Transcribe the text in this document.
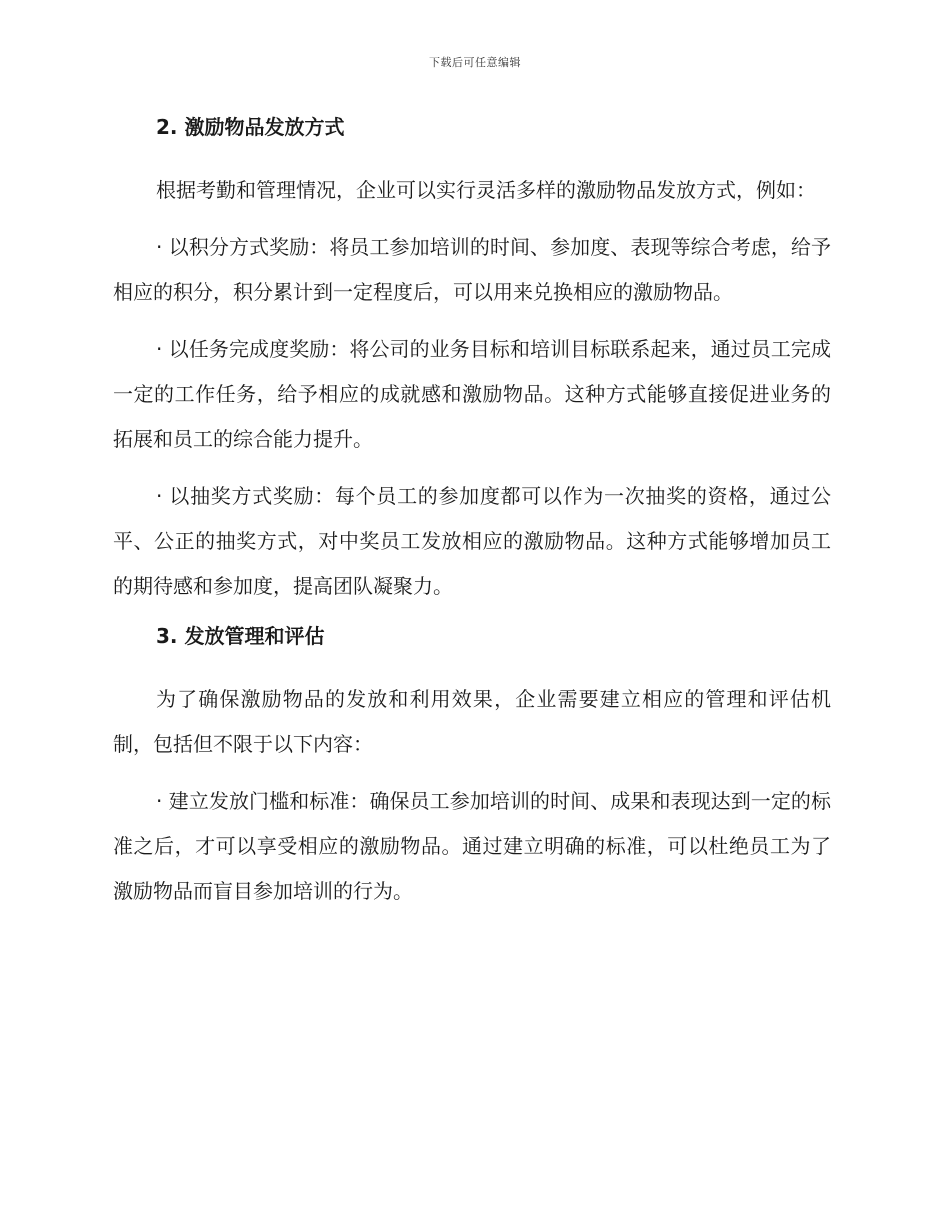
下载后可任意编辑
2. 激励物品发放方式

根据考勤和管理情况，企业可以实行灵活多样的激励物品发放方式，例如：

· 以积分方式奖励：将员工参加培训的时间、参加度、表现等综合考虑，给予相应的积分，积分累计到一定程度后，可以用来兑换相应的激励物品。

· 以任务完成度奖励：将公司的业务目标和培训目标联系起来，通过员工完成一定的工作任务，给予相应的成就感和激励物品。这种方式能够直接促进业务的拓展和员工的综合能力提升。

· 以抽奖方式奖励：每个员工的参加度都可以作为一次抽奖的资格，通过公平、公正的抽奖方式，对中奖员工发放相应的激励物品。这种方式能够增加员工的期待感和参加度，提高团队凝聚力。

3. 发放管理和评估

为了确保激励物品的发放和利用效果，企业需要建立相应的管理和评估机制，包括但不限于以下内容：

· 建立发放门槛和标准：确保员工参加培训的时间、成果和表现达到一定的标准之后，才可以享受相应的激励物品。通过建立明确的标准，可以杜绝员工为了激励物品而盲目参加培训的行为。
